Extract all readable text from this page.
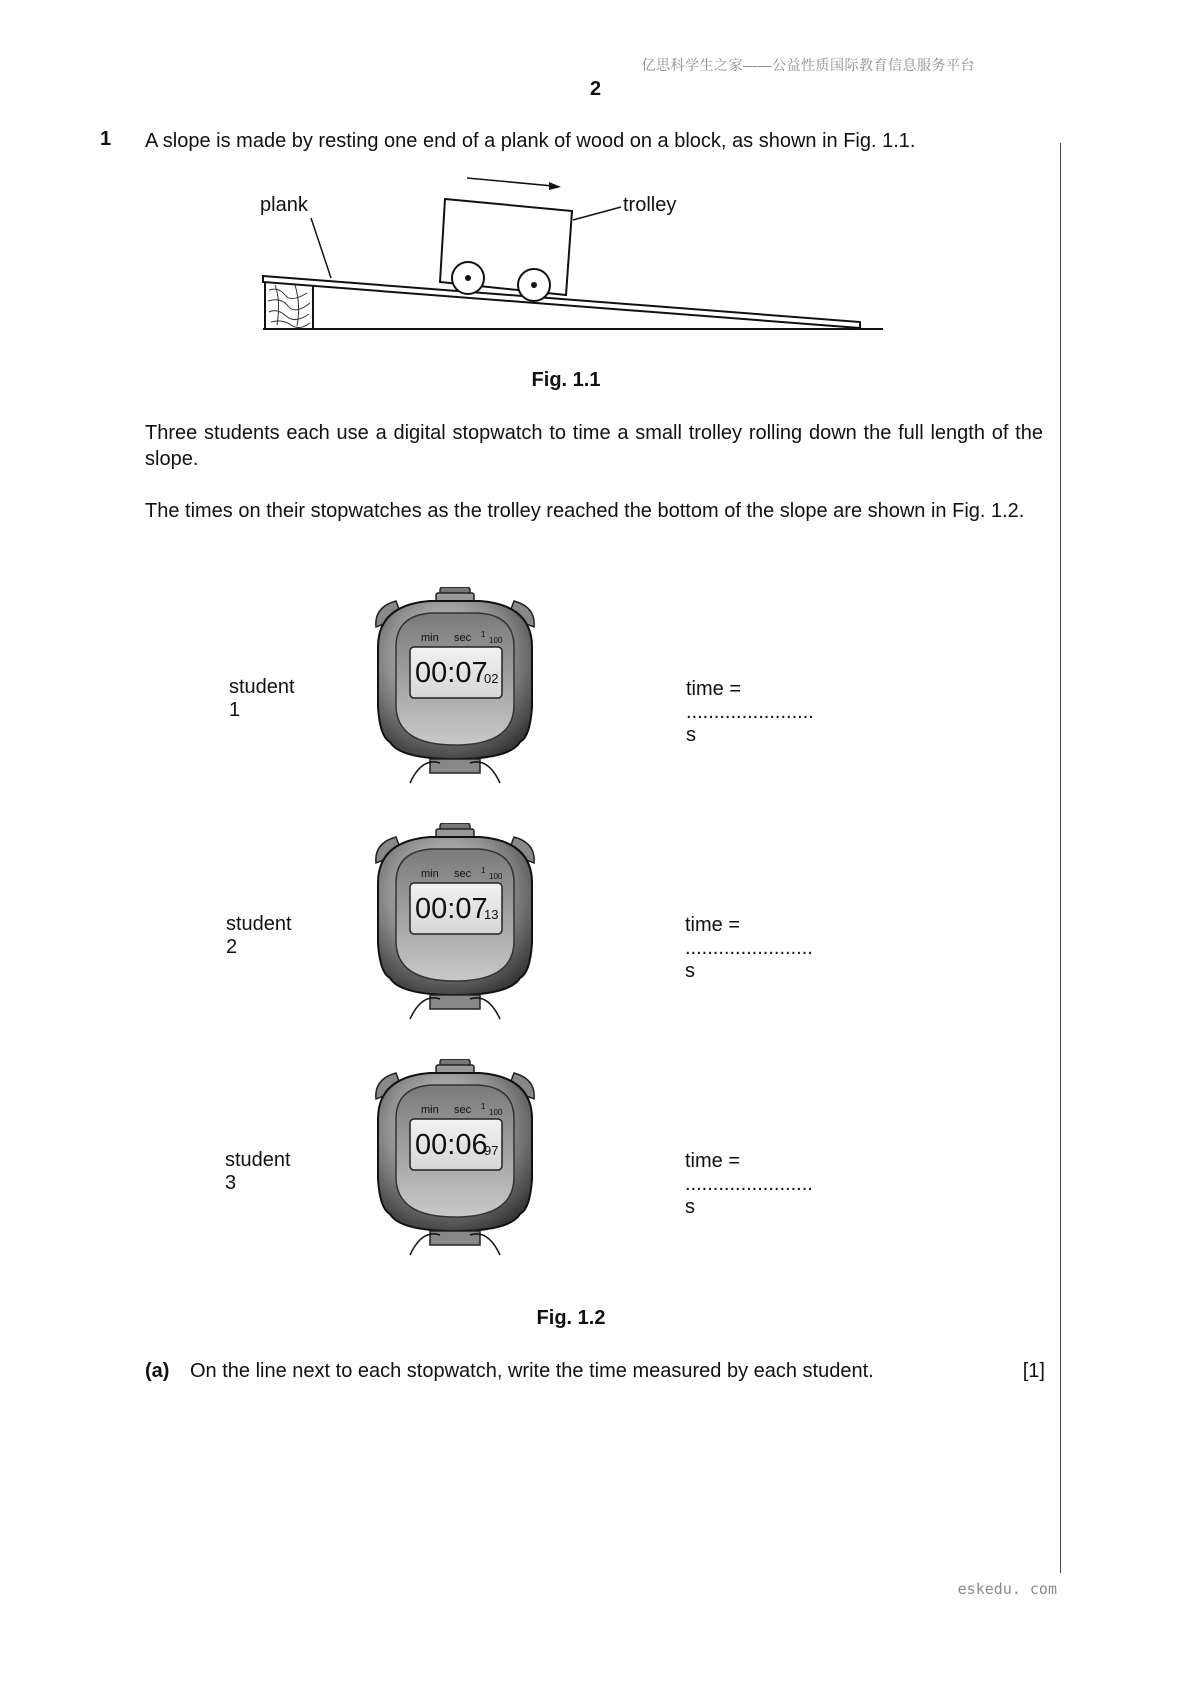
亿思科学生之家——公益性质国际教育信息服务平台
2
1 A slope is made by resting one end of a plank of wood on a block, as shown in Fig. 1.1.
plank	trolley
Fig. 1.1
Three students each use a digital stopwatch to time a small trolley rolling down the full length of the slope.
The times on their stopwatches as the trolley reached the bottom of the slope are shown in Fig. 1.2.
student 1
min sec 1
100
00:07
02	time = ....................... s
student 2
min sec 1
100
00:07
13	time = ....................... s
student 3
min sec 1
100
00:06
97	time = ....................... s
Fig. 1.2
(a) On the line next to each stopwatch, write the time measured by each student.	[1]
eskedu. com
